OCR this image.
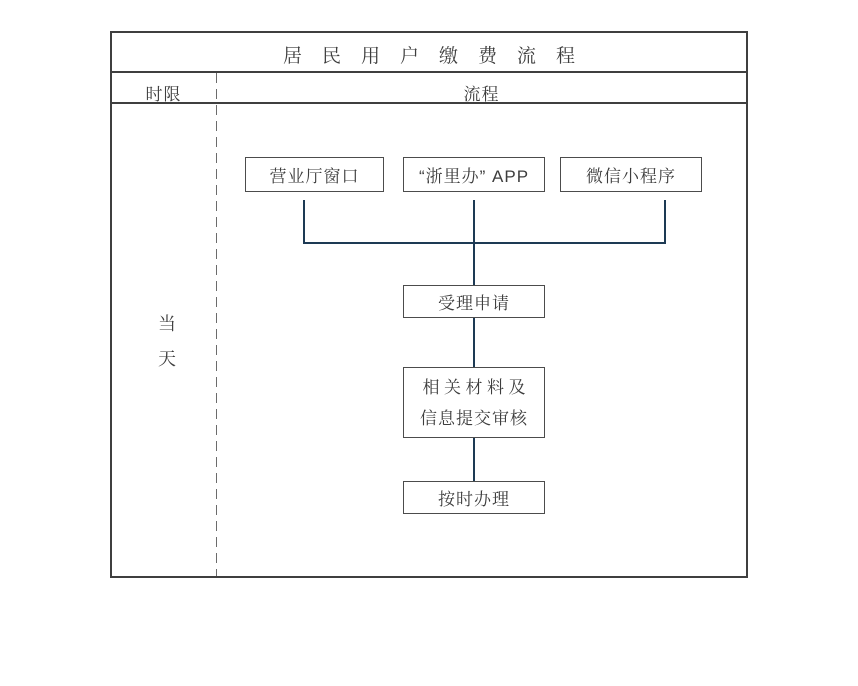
居民用户缴费流程
时限	流程
当天
营业厅窗口	“浙里办” APP	微信小程序
受理申请
相关材料及
信息提交审核
按时办理
